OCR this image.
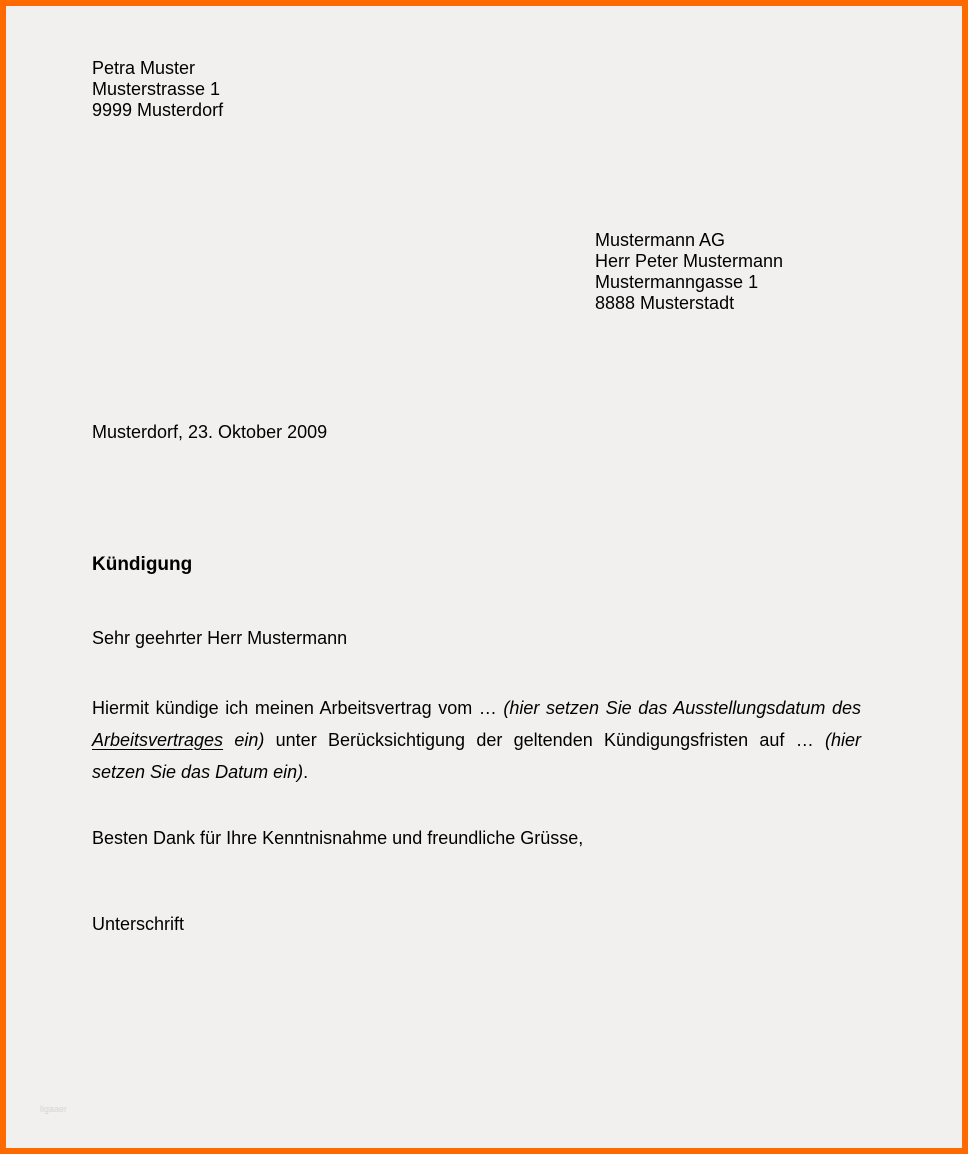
Petra Muster
Musterstrasse 1
9999 Musterdorf
Mustermann AG
Herr Peter Mustermann
Mustermanngasse 1
8888 Musterstadt
Musterdorf, 23. Oktober 2009
Kündigung
Sehr geehrter Herr Mustermann
Hiermit kündige ich meinen Arbeitsvertrag vom … (hier setzen Sie das Ausstellungsdatum des Arbeitsvertrages ein) unter Berücksichtigung der geltenden Kündigungsfristen auf … (hier setzen Sie das Datum ein).
Besten Dank für Ihre Kenntnisnahme und freundliche Grüsse,
Unterschrift
ligaaer
